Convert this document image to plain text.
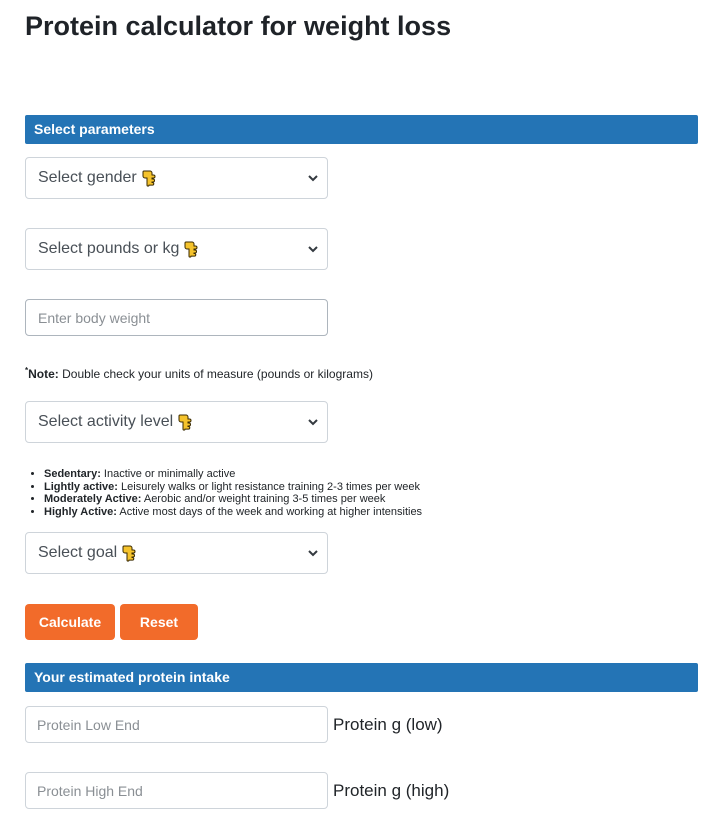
Protein calculator for weight loss
Select parameters
Select gender
Select pounds or kg
Enter body weight
*Note: Double check your units of measure (pounds or kilograms)
Select activity level
• Sedentary: Inactive or minimally active
• Lightly active: Leisurely walks or light resistance training 2-3 times per week
• Moderately Active: Aerobic and/or weight training 3-5 times per week
• Highly Active: Active most days of the week and working at higher intensities
Select goal
Calculate	Reset
Your estimated protein intake
Protein Low End	Protein g (low)
Protein High End	Protein g (high)
